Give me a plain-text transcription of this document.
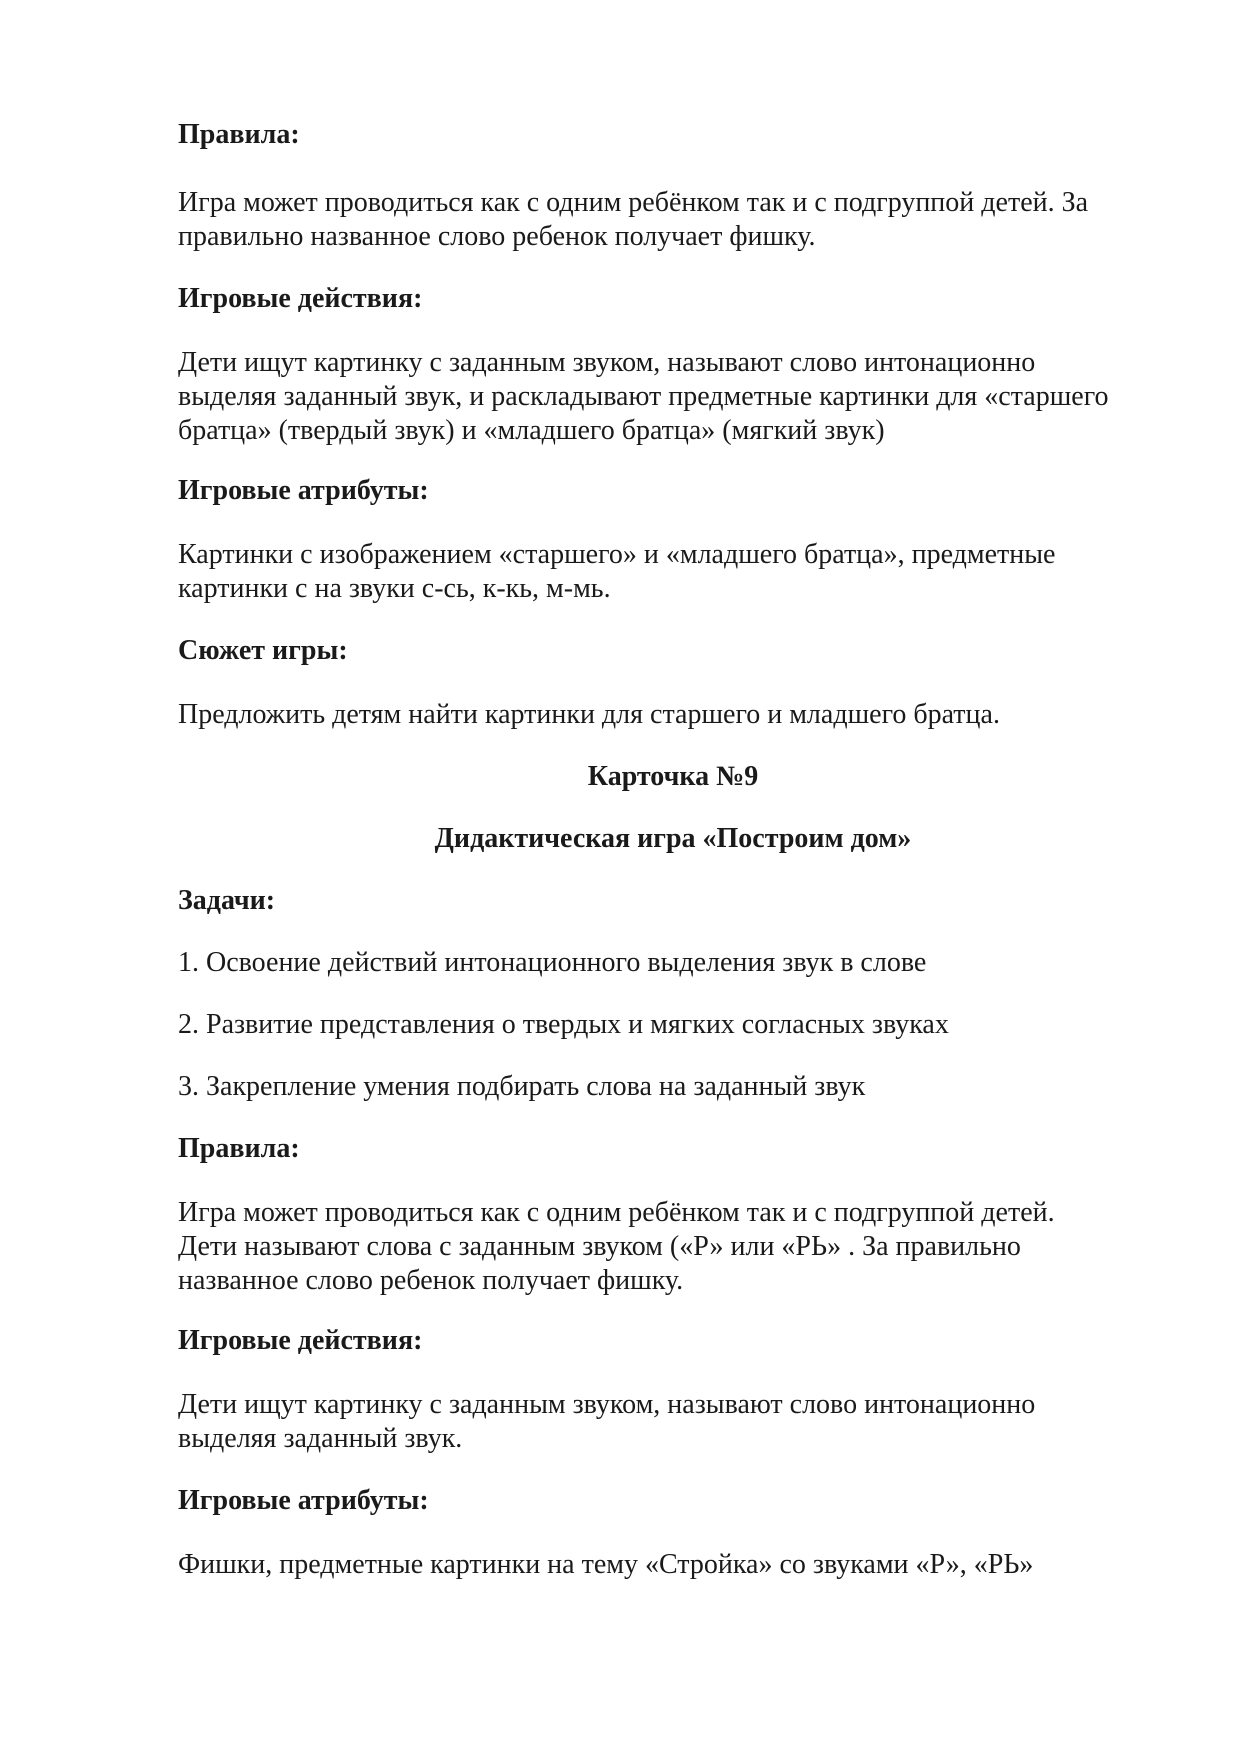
Правила:

Игра может проводиться как с одним ребёнком так и с подгруппой детей. За
правильно названное слово ребенок получает фишку.

Игровые действия:

Дети ищут картинку с заданным звуком, называют слово интонационно
выделяя заданный звук, и раскладывают предметные картинки для «старшего
братца» (твердый звук) и «младшего братца» (мягкий звук)

Игровые атрибуты:

Картинки с изображением «старшего» и «младшего братца», предметные
картинки с на звуки с-сь, к-кь, м-мь.

Сюжет игры:

Предложить детям найти картинки для старшего и младшего братца.

Карточка №9

Дидактическая игра «Построим дом»

Задачи:

1. Освоение действий интонационного выделения звук в слове

2. Развитие представления о твердых и мягких согласных звуках

3. Закрепление умения подбирать слова на заданный звук

Правила:

Игра может проводиться как с одним ребёнком так и с подгруппой детей.
Дети называют слова с заданным звуком («Р» или «РЬ» . За правильно
названное слово ребенок получает фишку.

Игровые действия:

Дети ищут картинку с заданным звуком, называют слово интонационно
выделяя заданный звук.

Игровые атрибуты:

Фишки, предметные картинки на тему «Стройка» со звуками «Р», «РЬ»
